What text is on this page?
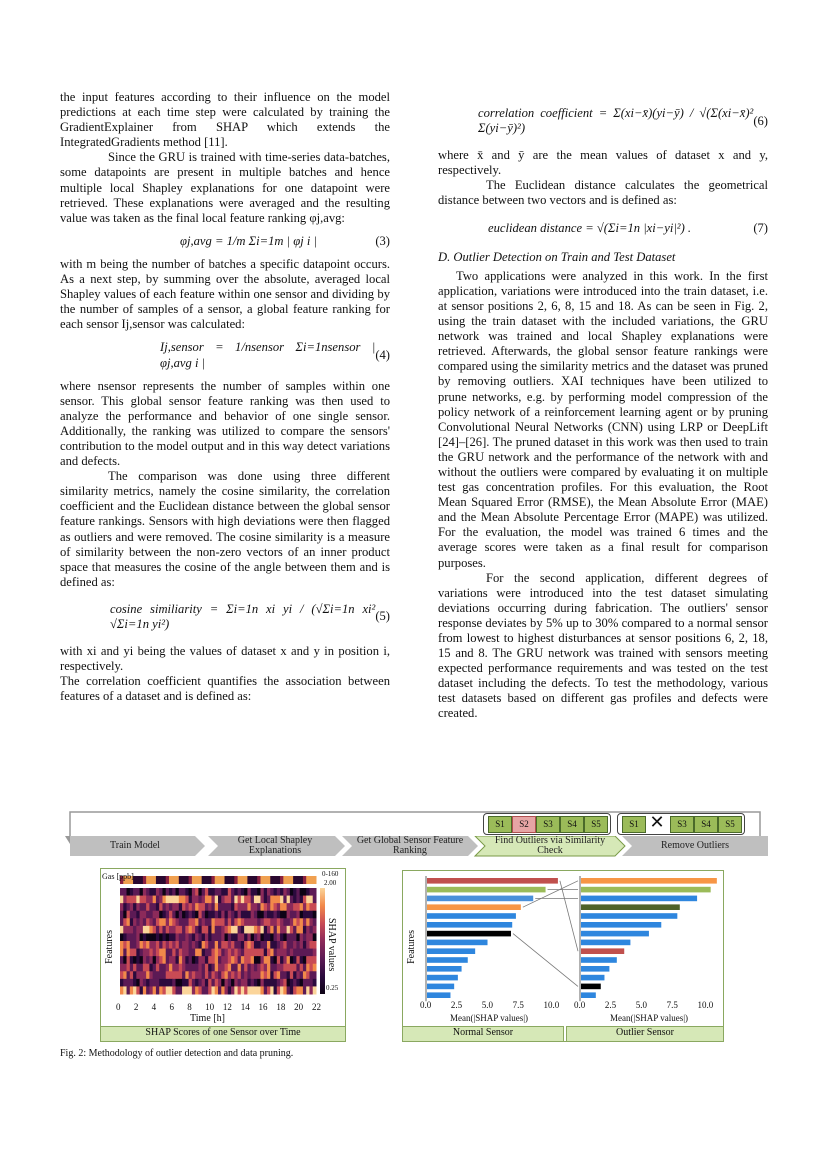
the input features according to their influence on the model predictions at each time step were calculated by training the GradientExplainer from SHAP which extends the IntegratedGradients method [11].

Since the GRU is trained with time-series data-batches, some datapoints are present in multiple batches and hence multiple local Shapley explanations for one datapoint were retrieved. These explanations were averaged and the resulting value was taken as the final local feature ranking φj,avg:

φj,avg = 1/m Σi=1m | φj i |	(3)

with m being the number of batches a specific datapoint occurs. As a next step, by summing over the absolute, averaged local Shapley values of each feature within one sensor and dividing by the number of samples of a sensor, a global feature ranking for each sensor Ij,sensor was calculated:

Ij,sensor = 1/nsensor Σi=1nsensor | φj,avg i |
(4)

where nsensor represents the number of samples within one sensor. This global sensor feature ranking was then used to analyze the performance and behavior of one single sensor. Additionally, the ranking was utilized to compare the sensors' contribution to the model output and in this way detect variations and defects.

The comparison was done using three different similarity metrics, namely the cosine similarity, the correlation coefficient and the Euclidean distance between the global sensor feature rankings. Sensors with high deviations were then flagged as outliers and were removed. The cosine similarity is a measure of similarity between the non-zero vectors of an inner product space that measures the cosine of the angle between them and is defined as:

cosine similiarity = Σi=1n xi yi / (√Σi=1n xi² √Σi=1n yi²)
(5)

with xi and yi being the values of dataset x and y in position i, respectively.

The correlation coefficient quantifies the association between features of a dataset and is defined as:

correlation coefficient = Σ(xi−x̄)(yi−ȳ) / √(Σ(xi−x̄)² Σ(yi−ȳ)²)
(6)

where x̄ and ȳ are the mean values of dataset x and y, respectively.

The Euclidean distance calculates the geometrical distance between two vectors and is defined as:

euclidean distance = √(Σi=1n |xi−yi|²) .	(7)
D. Outlier Detection on Train and Test Dataset

Two applications were analyzed in this work. In the first application, variations were introduced into the train dataset, i.e. at sensor positions 2, 6, 8, 15 and 18. As can be seen in Fig. 2, using the train dataset with the included variations, the GRU network was trained and local Shapley explanations were retrieved. Afterwards, the global sensor feature rankings were compared using the similarity metrics and the dataset was pruned by removing outliers. XAI techniques have been utilized to prune networks, e.g. by performing model compression of the policy network of a reinforcement learning agent or by pruning Convolutional Neural Networks (CNN) using LRP or DeepLift [24]–[26]. The pruned dataset in this work was then used to train the GRU network and the performance of the network with and without the outliers were compared by evaluating it on multiple test gas concentration profiles. For this evaluation, the Root Mean Squared Error (RMSE), the Mean Absolute Error (MAE) and the Mean Absolute Percentage Error (MAPE) was utilized. For the evaluation, the model was trained 6 times and the average scores were taken as a final result for comparison purposes.

For the second application, different degrees of variations were introduced into the test dataset simulating deviations occurring during fabrication. The outliers' sensor response deviates by 5% up to 30% compared to a normal sensor from lowest to highest disturbances at sensor positions 6, 2, 18, 15 and 8. The GRU network was trained with sensors meeting expected performance requirements and was tested on the test dataset including the defects. To test the methodology, various test datasets based on different gas profiles and defects were created.

Train Model	Get Local Shapley Explanations
Get Global Sensor Feature Ranking
Find Outliers via Similarity Check	Remove Outliers
S1	S2	S3	S4	S5	S1 ✕	S3	S4	S5
Gas [ppb]
Features
Time [h]
0-160
2.00
0.25
SHAP values
SHAP Scores of one Sensor over Time
0 2 4 6 8 10 12 14 16 18 20 22
Features
Mean(|SHAP values|)	Mean(|SHAP values|)
Normal Sensor	Outlier Sensor
0.0 2.5 5.0 7.5 10.0 0.0 2.5 5.0 7.5 10.0
Fig. 2: Methodology of outlier detection and data pruning.
